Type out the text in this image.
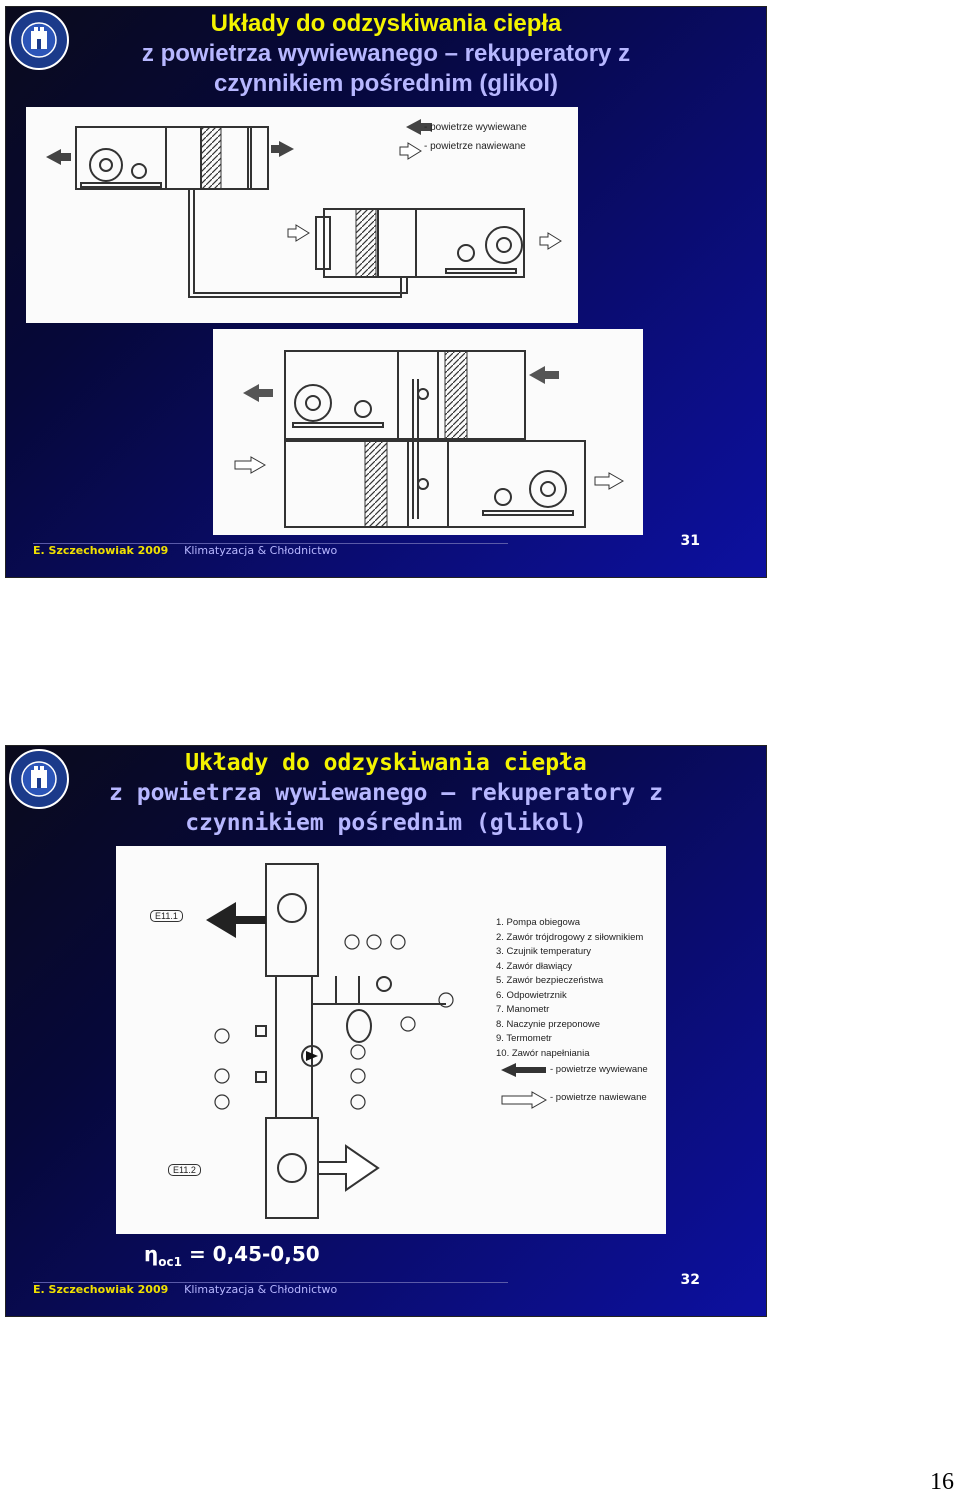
Układy do odzyskiwania ciepła
z powietrza wywiewanego – rekuperatory z
czynnikiem pośrednim (glikol)
- powietrze wywiewane
- powietrze nawiewane
E. Szczechowiak 2009 Klimatyzacja & Chłodnictwo
31
Układy do odzyskiwania ciepła
z powietrza wywiewanego – rekuperatory z
czynnikiem pośrednim (glikol)
E11.1
E11.2
1. Pompa obiegowa
2. Zawór trójdrogowy z siłownikiem
3. Czujnik temperatury
4. Zawór dławiący
5. Zawór bezpieczeństwa
6. Odpowietrznik
7. Manometr
8. Naczynie przeponowe
9. Termometr
10. Zawór napełniania
- powietrze wywiewane
- powietrze nawiewane
$\eta_{oc1} = 0,45-0,50$
E. Szczechowiak 2009 Klimatyzacja & Chłodnictwo
32
16
